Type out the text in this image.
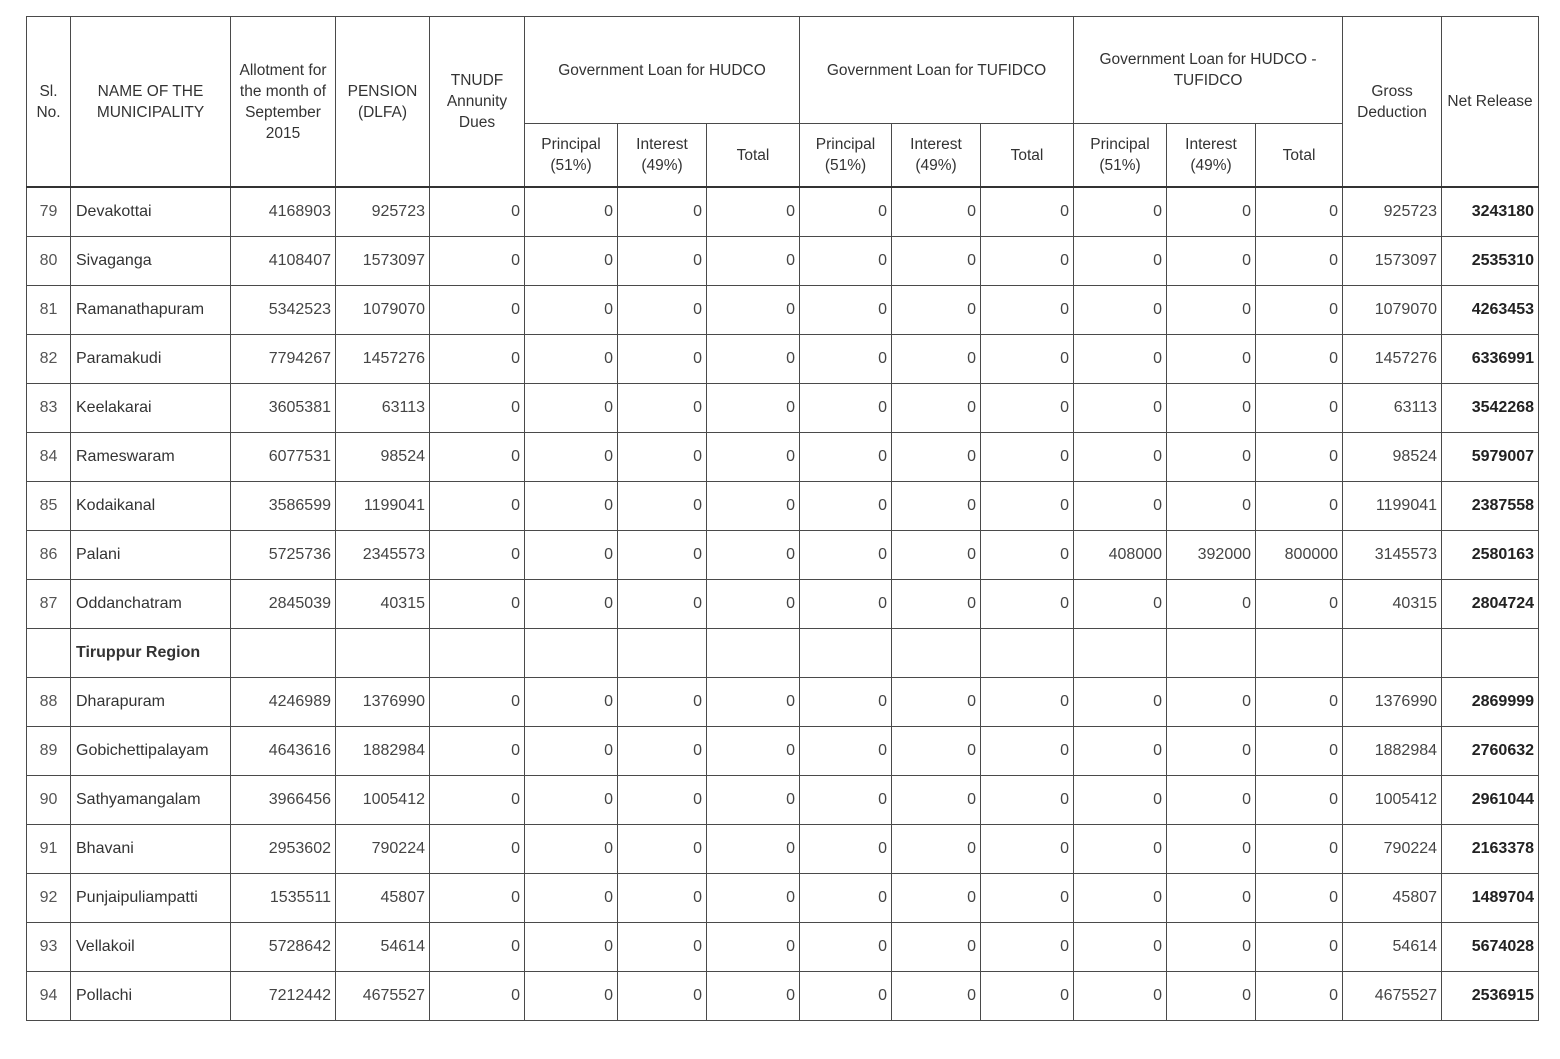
Sl. No.	NAME OF THE MUNICIPALITY	Allotment for the month of September 2015	PENSION (DLFA)	TNUDF Annunity Dues	Government Loan for HUDCO			Government Loan for TUFIDCO			Government Loan for HUDCO - TUFIDCO			Gross Deduction	Net Release
					Principal (51%)	Interest (49%)	Total	Principal (51%)	Interest (49%)	Total	Principal (51%)	Interest (49%)	Total		
79	Devakottai	4168903	925723	0	0	0	0	0	0	0	0	0	0	925723	3243180
80	Sivaganga	4108407	1573097	0	0	0	0	0	0	0	0	0	0	1573097	2535310
81	Ramanathapuram	5342523	1079070	0	0	0	0	0	0	0	0	0	0	1079070	4263453
82	Paramakudi	7794267	1457276	0	0	0	0	0	0	0	0	0	0	1457276	6336991
83	Keelakarai	3605381	63113	0	0	0	0	0	0	0	0	0	0	63113	3542268
84	Rameswaram	6077531	98524	0	0	0	0	0	0	0	0	0	0	98524	5979007
85	Kodaikanal	3586599	1199041	0	0	0	0	0	0	0	0	0	0	1199041	2387558
86	Palani	5725736	2345573	0	0	0	0	0	0	0	408000	392000	800000	3145573	2580163
87	Oddanchatram	2845039	40315	0	0	0	0	0	0	0	0	0	0	40315	2804724
	Tiruppur Region														
88	Dharapuram	4246989	1376990	0	0	0	0	0	0	0	0	0	0	1376990	2869999
89	Gobichettipalayam	4643616	1882984	0	0	0	0	0	0	0	0	0	0	1882984	2760632
90	Sathyamangalam	3966456	1005412	0	0	0	0	0	0	0	0	0	0	1005412	2961044
91	Bhavani	2953602	790224	0	0	0	0	0	0	0	0	0	0	790224	2163378
92	Punjaipuliampatti	1535511	45807	0	0	0	0	0	0	0	0	0	0	45807	1489704
93	Vellakoil	5728642	54614	0	0	0	0	0	0	0	0	0	0	54614	5674028
94	Pollachi	7212442	4675527	0	0	0	0	0	0	0	0	0	0	4675527	2536915
